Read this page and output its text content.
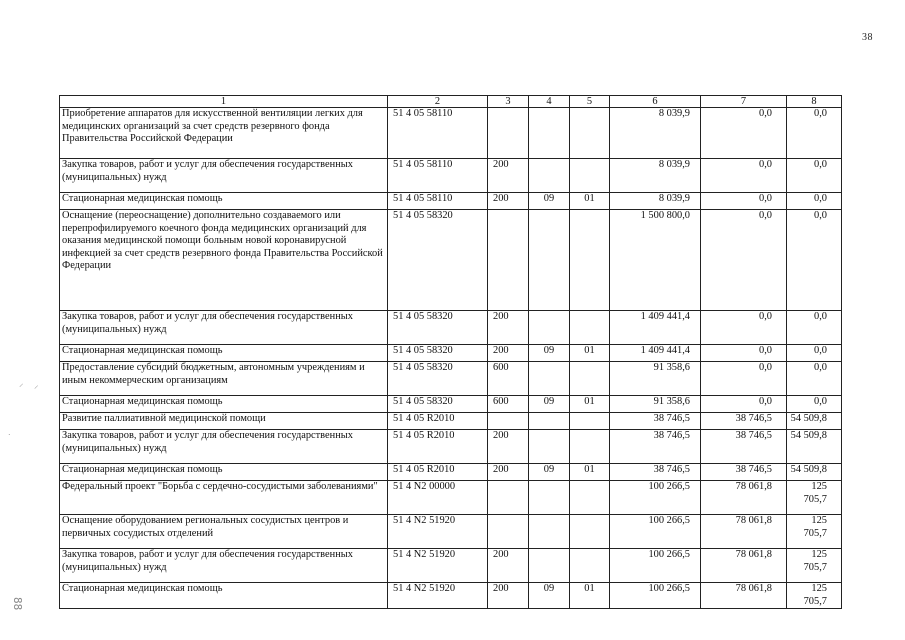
38
1	2	3	4	5	6	7	8
Приобретение аппаратов для искусственной вентиляции легких для медицинских организаций за счет средств резервного фонда Правительства Российской Федерации	51 4 05 58110				8 039,9	0,0	0,0
Закупка товаров, работ и услуг для обеспечения государственных (муниципальных) нужд	51 4 05 58110	200			8 039,9	0,0	0,0
Стационарная медицинская помощь	51 4 05 58110	200	09	01	8 039,9	0,0	0,0
Оснащение (переоснащение) дополнительно создаваемого или перепрофилируемого коечного фонда медицинских организаций для оказания медицинской помощи больным новой коронавирусной инфекцией за счет средств резервного фонда Правительства Российской Федерации	51 4 05 58320				1 500 800,0	0,0	0,0
Закупка товаров, работ и услуг для обеспечения государственных (муниципальных) нужд	51 4 05 58320	200			1 409 441,4	0,0	0,0
Стационарная медицинская помощь	51 4 05 58320	200	09	01	1 409 441,4	0,0	0,0
Предоставление субсидий бюджетным, автономным учреждениям и иным некоммерческим организациям	51 4 05 58320	600			91 358,6	0,0	0,0
Стационарная медицинская помощь	51 4 05 58320	600	09	01	91 358,6	0,0	0,0
Развитие паллиативной медицинской помощи	51 4 05 R2010				38 746,5	38 746,5	54 509,8
Закупка товаров, работ и услуг для обеспечения государственных (муниципальных) нужд	51 4 05 R2010	200			38 746,5	38 746,5	54 509,8
Стационарная медицинская помощь	51 4 05 R2010	200	09	01	38 746,5	38 746,5	54 509,8
Федеральный проект "Борьба с сердечно-сосудистыми заболеваниями"	51 4 N2 00000				100 266,5	78 061,8	125 705,7
Оснащение оборудованием региональных сосудистых центров и первичных сосудистых отделений	51 4 N2 51920				100 266,5	78 061,8	125 705,7
Закупка товаров, работ и услуг для обеспечения государственных (муниципальных) нужд	51 4 N2 51920	200			100 266,5	78 061,8	125 705,7
Стационарная медицинская помощь	51 4 N2 51920	200	09	01	100 266,5	78 061,8	125 705,7
⸍ ⸝
.
88
